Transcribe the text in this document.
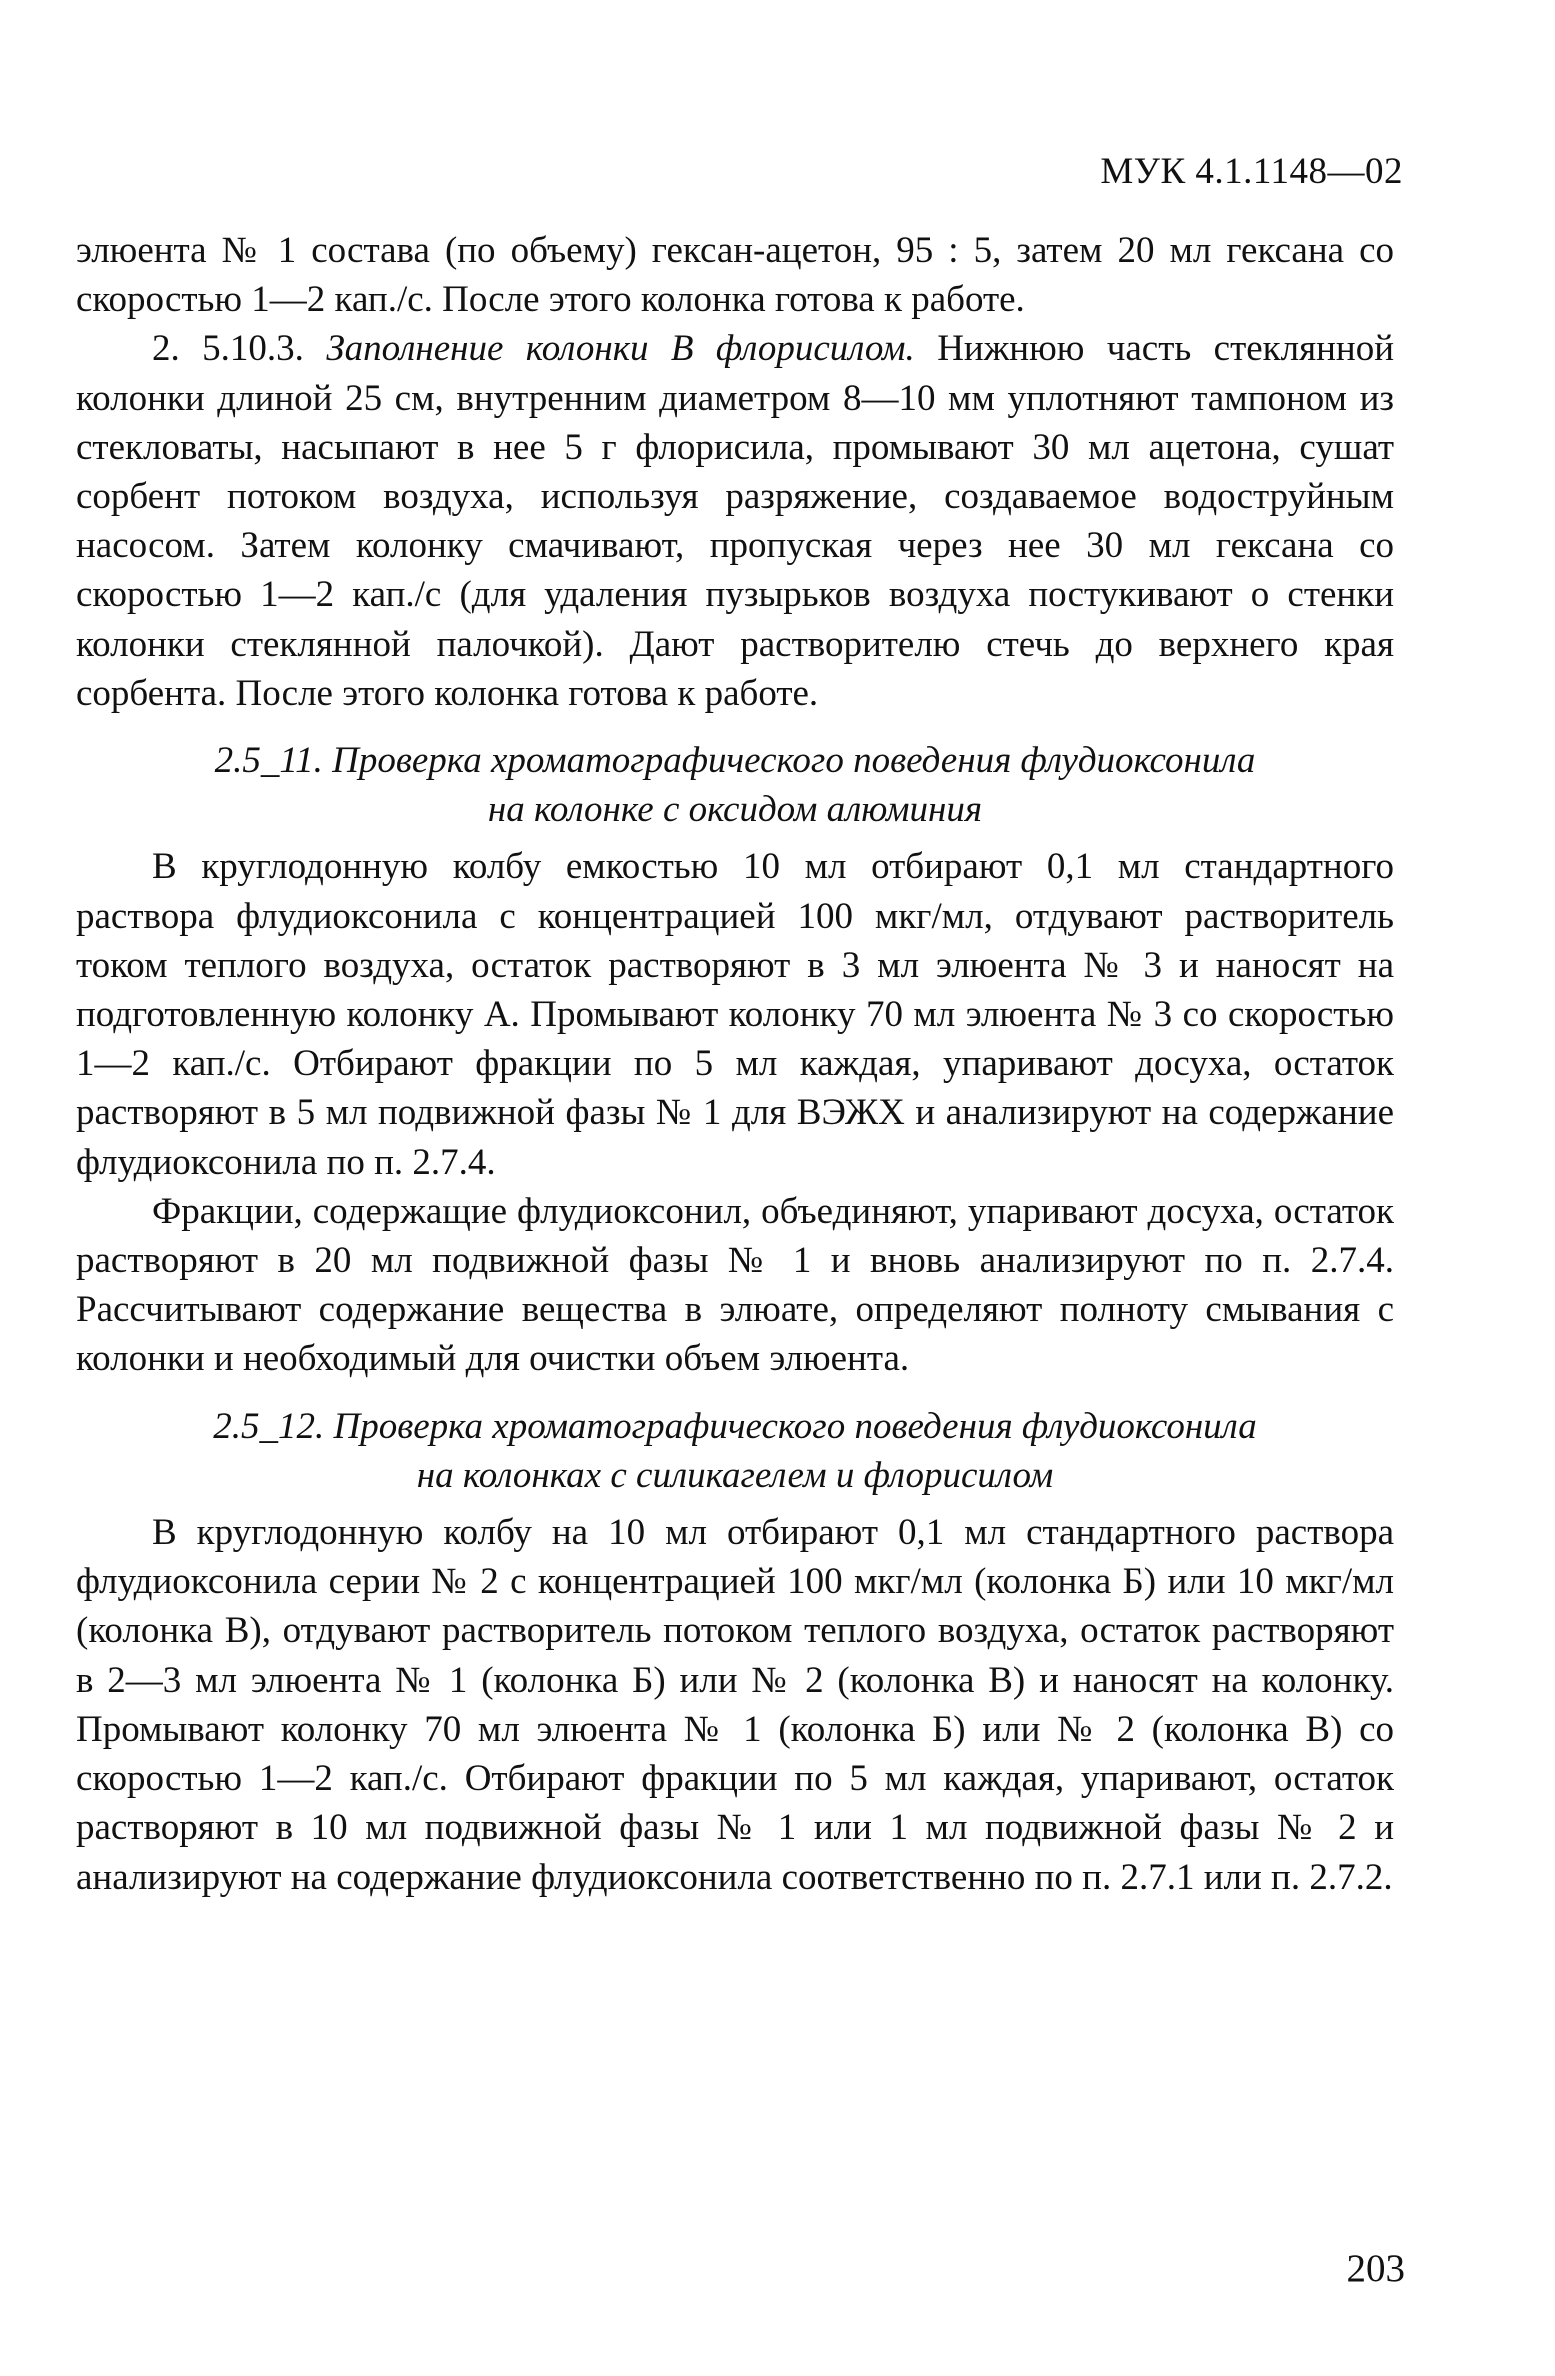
МУК 4.1.1148—02

элюента № 1 состава (по объему) гексан-ацетон, 95 : 5, затем 20 мл гексана со скоростью 1—2 кап./с. После этого колонка готова к работе.

2. 5.10.3. Заполнение колонки В флорисилом. Нижнюю часть стеклянной колонки длиной 25 см, внутренним диаметром 8—10 мм уплотняют тампоном из стекловаты, насыпают в нее 5 г флорисила, промывают 30 мл ацетона, сушат сорбент потоком воздуха, используя разряжение, создаваемое водоструйным насосом. Затем колонку смачивают, пропуская через нее 30 мл гексана со скоростью 1—2 кап./с (для удаления пузырьков воздуха постукивают о стенки колонки стеклянной палочкой). Дают растворителю стечь до верхнего края сорбента. После этого колонка готова к работе.

2.5_11. Проверка хроматографического поведения флудиоксонила
на колонке с оксидом алюминия

В круглодонную колбу емкостью 10 мл отбирают 0,1 мл стандартного раствора флудиоксонила с концентрацией 100 мкг/мл, отдувают растворитель током теплого воздуха, остаток растворяют в 3 мл элюента № 3 и наносят на подготовленную колонку А. Промывают колонку 70 мл элюента № 3 со скоростью 1—2 кап./с. Отбирают фракции по 5 мл каждая, упаривают досуха, остаток растворяют в 5 мл подвижной фазы № 1 для ВЭЖХ и анализируют на содержание флудиоксонила по п. 2.7.4.

Фракции, содержащие флудиоксонил, объединяют, упаривают досуха, остаток растворяют в 20 мл подвижной фазы № 1 и вновь анализируют по п. 2.7.4. Рассчитывают содержание вещества в элюате, определяют полноту смывания с колонки и необходимый для очистки объем элюента.

2.5_12. Проверка хроматографического поведения флудиоксонила
на колонках с силикагелем и флорисилом

В круглодонную колбу на 10 мл отбирают 0,1 мл стандартного раствора флудиоксонила серии № 2 с концентрацией 100 мкг/мл (колонка Б) или 10 мкг/мл (колонка В), отдувают растворитель потоком теплого воздуха, остаток растворяют в 2—3 мл элюента № 1 (колонка Б) или № 2 (колонка В) и наносят на колонку. Промывают колонку 70 мл элюента № 1 (колонка Б) или № 2 (колонка В) со скоростью 1—2 кап./с. Отбирают фракции по 5 мл каждая, упаривают, остаток растворяют в 10 мл подвижной фазы № 1 или 1 мл подвижной фазы № 2 и анализируют на содержание флудиоксонила соответственно по п. 2.7.1 или п. 2.7.2.

203
